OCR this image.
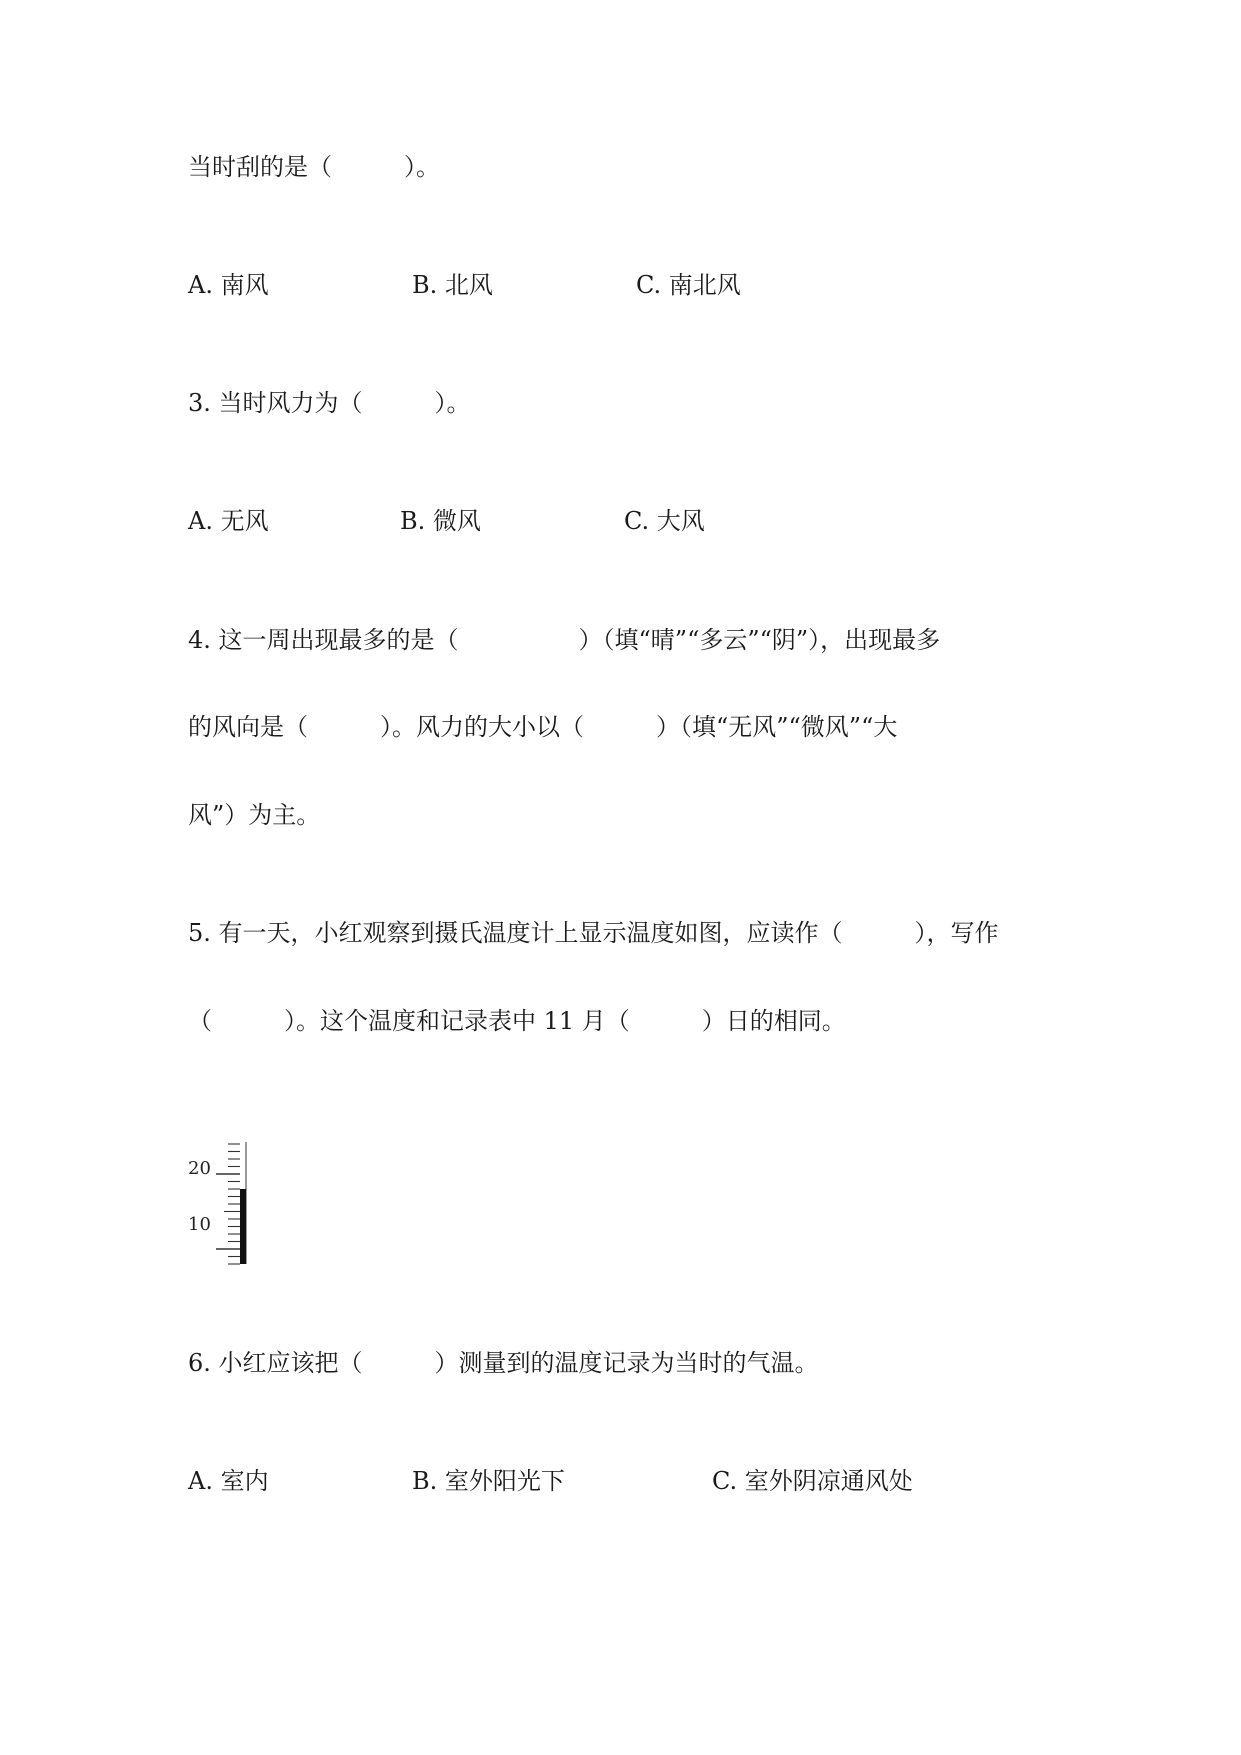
当时刮的是（　　　）。
A. 南风	B. 北风	C. 南北风
3. 当时风力为（　　　）。
A. 无风	B. 微风	C. 大风
4. 这一周出现最多的是（　　　　　）（填“晴”“多云”“阴”），出现最多
的风向是（　　　）。风力的大小以（　　　）（填“无风”“微风”“大
风”）为主。
5. 有一天，小红观察到摄氏温度计上显示温度如图，应读作（　　　），写作
（　　　）。这个温度和记录表中 11 月（　　　）日的相同。
20
10
6. 小红应该把（　　　）测量到的温度记录为当时的气温。
A. 室内	B. 室外阳光下	C. 室外阴凉通风处
